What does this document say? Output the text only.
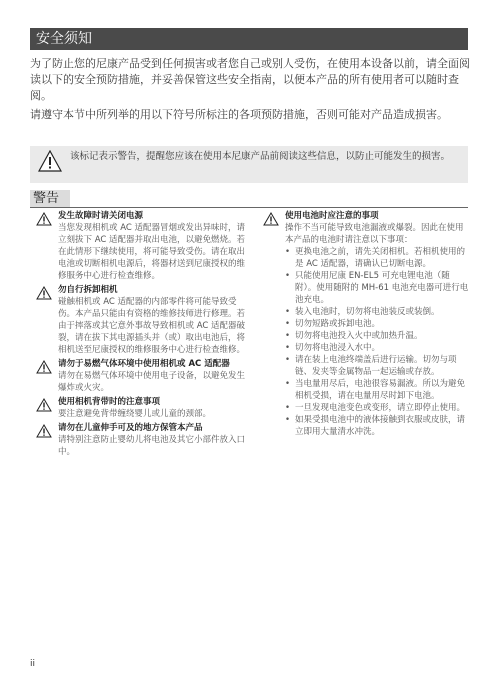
安全须知
为了防止您的尼康产品受到任何损害或者您自己或别人受伤，在使用本设备以前，请全面阅读以下的安全预防措施，并妥善保管这些安全指南，以便本产品的所有使用者可以随时查阅。
请遵守本节中所列举的用以下符号所标注的各项预防措施，否则可能对产品造成损害。
该标记表示警告，提醒您应该在使用本尼康产品前阅读这些信息，以防止可能发生的损害。
警告
发生故障时请关闭电源
当您发现相机或 AC 适配器冒烟或发出异味时，请立刻拔下 AC 适配器并取出电池，以避免燃烧。若在此情形下继续使用，将可能导致受伤。请在取出电池或切断相机电源后，将器材送到尼康授权的维修服务中心进行检查维修。
勿自行拆卸相机
碰触相机或 AC 适配器的内部零件将可能导致受伤。本产品只能由有资格的维修技师进行修理。若由于摔落或其它意外事故导致相机或 AC 适配器破裂，请在拔下其电源插头并（或）取出电池后，将相机送至尼康授权的维修服务中心进行检查维修。
请勿于易燃气体环境中使用相机或 AC 适配器
请勿在易燃气体环境中使用电子设备，以避免发生爆炸或火灾。
使用相机背带时的注意事项
要注意避免背带缠绕婴儿或儿童的颈部。
请勿在儿童伸手可及的地方保管本产品
请特别注意防止婴幼儿将电池及其它小部件放入口中。
使用电池时应注意的事项
操作不当可能导致电池漏液或爆裂。因此在使用本产品的电池时请注意以下事项：
• 更换电池之前，请先关闭相机。若相机使用的是 AC 适配器，请确认已切断电源。
• 只能使用尼康 EN-EL5 可充电锂电池（随附）。使用随附的 MH-61 电池充电器可进行电池充电。
• 装入电池时，切勿将电池装反或装倒。
• 切勿短路或拆卸电池。
• 切勿将电池投入火中或加热升温。
• 切勿将电池浸入水中。
• 请在装上电池终端盖后进行运输。切勿与项链、发夹等金属物品一起运输或存放。
• 当电量用尽后，电池很容易漏液。所以为避免相机受损，请在电量用尽时卸下电池。
• 一旦发现电池变色或变形，请立即停止使用。
• 如果受损电池中的液体接触到衣服或皮肤，请立即用大量清水冲洗。
ii
